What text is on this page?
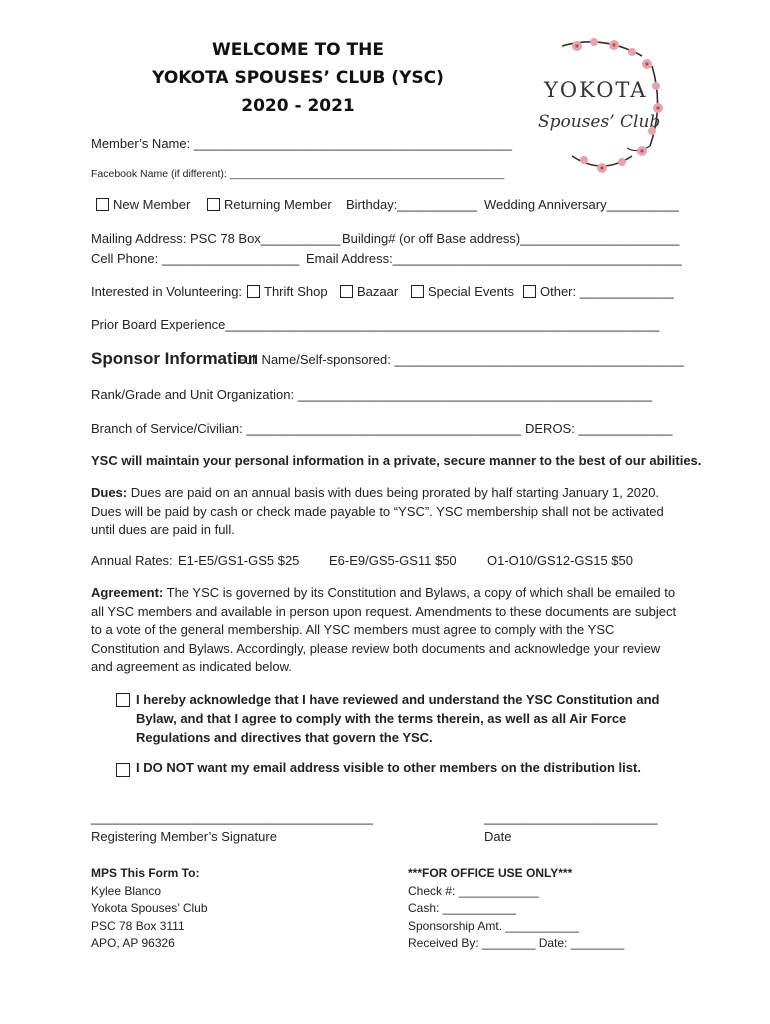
WELCOME TO THE
YOKOTA SPOUSES’ CLUB (YSC)
2020 - 2021
YOKOTA
Spouses’ Club
Member’s Name: ____________________________________________
Facebook Name (if different): _______________________________________________
New Member	Returning Member Birthday:___________ Wedding Anniversary__________
Mailing Address: PSC 78 Box___________ Building# (or off Base address)______________________
Cell Phone: ___________________ Email Address:________________________________________
Interested in Volunteering:	Thrift Shop	Bazaar	Special Events	Other: _____________
Prior Board Experience____________________________________________________________
Sponsor Information
Full Name/Self-sponsored: ________________________________________
Rank/Grade and Unit Organization: _________________________________________________
Branch of Service/Civilian: ______________________________________ DEROS: _____________
YSC will maintain your personal information in a private, secure manner to the best of our abilities.
Dues: Dues are paid on an annual basis with dues being prorated by half starting January 1, 2020. Dues will be paid by cash or check made payable to “YSC”. YSC membership shall not be activated until dues are paid in full.
Annual Rates: E1-E5/GS1-GS5 $25 E6-E9/GS5-GS11 $50 O1-O10/GS12-GS15 $50
Agreement: The YSC is governed by its Constitution and Bylaws, a copy of which shall be emailed to all YSC members and available in person upon request. Amendments to these documents are subject to a vote of the general membership. All YSC members must agree to comply with the YSC Constitution and Bylaws. Accordingly, please review both documents and acknowledge your review and agreement as indicated below.
I hereby acknowledge that I have reviewed and understand the YSC Constitution and Bylaw, and that I agree to comply with the terms therein, as well as all Air Force Regulations and directives that govern the YSC.
I DO NOT want my email address visible to other members on the distribution list.
_______________________________________
Registering Member’s Signature
________________________
Date
MPS This Form To:
Kylee Blanco
Yokota Spouses’ Club
PSC 78 Box 3111
APO, AP 96326
***FOR OFFICE USE ONLY***
Check #: ____________
Cash: ___________
Sponsorship Amt. ___________
Received By: ________ Date: ________
